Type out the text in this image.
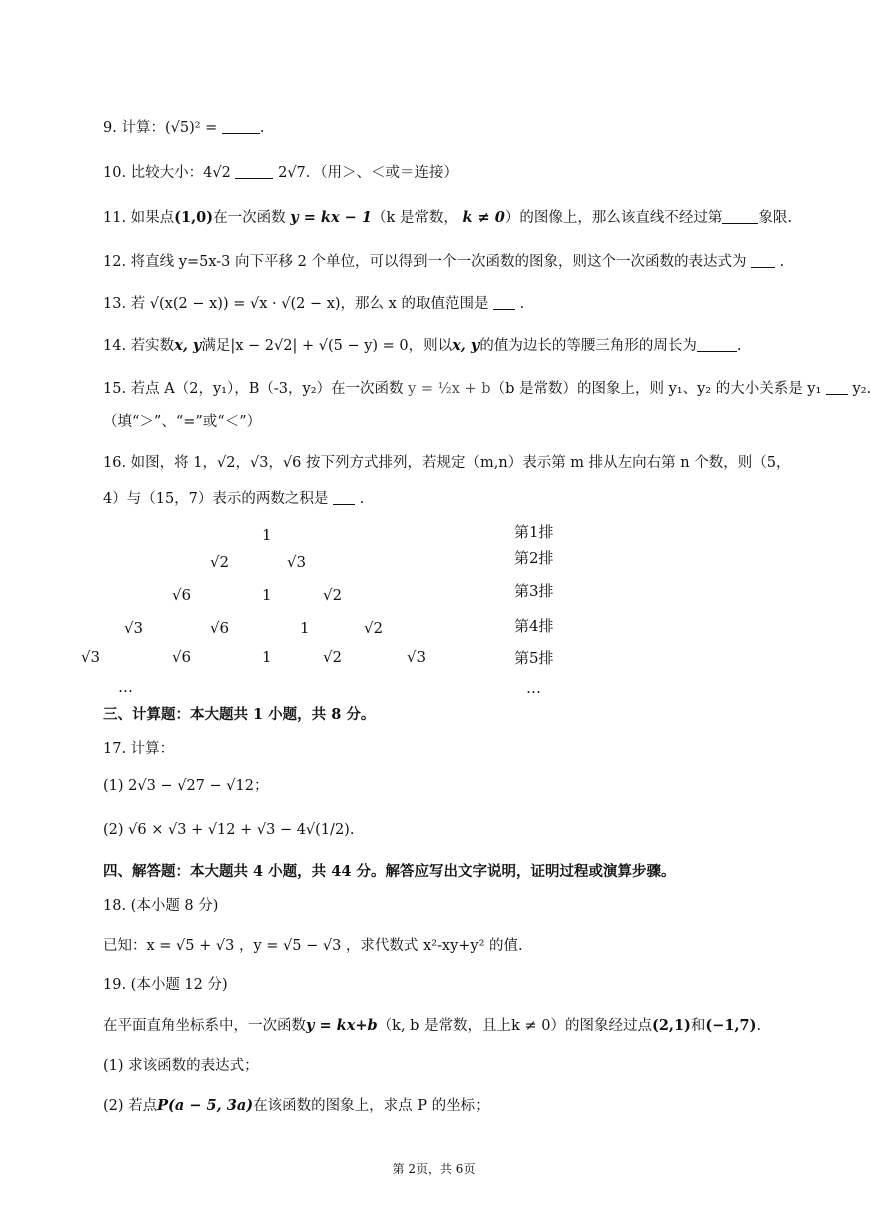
9. 计算：(√5)² =	.
10. 比较大小：4√2	2√7．（用＞、＜或＝连接）
11. 如果点(1,0)在一次函数 y = kx − 1（k 是常数， k ≠ 0）的图像上，那么该直线不经过第 象限.
12. 将直线 y=5x-3 向下平移 2 个单位，可以得到一个一次函数的图象，则这个一次函数的表达式为 .
13. 若 √(x(2 − x)) = √x · √(2 − x)，那么 x 的取值范围是 .
14. 若实数x, y满足|x − 2√2| + √(5 − y) = 0，则以x, y的值为边长的等腰三角形的周长为	.
15. 若点 A（2，y₁），B（-3，y₂）在一次函数 y = ½x + b（b 是常数）的图象上，则 y₁、y₂ 的大小关系是 y₁ y₂.
（填“＞”、“=”或“＜”）
16. 如图，将 1，√2，√3，√6 按下列方式排列，若规定（m,n）表示第 m 排从左向右第 n 个数，则（5，
4）与（15，7）表示的两数之积是 .
1
√2	√3
√6	1	√2
√3	√6	1	√2
√3	√6	1	√2	√3
…
第1排
第2排
第3排
第4排
第5排
…
三、计算题：本大题共 1 小题，共 8 分。
17. 计算：
(1) 2√3 − √27 − √12；
(2) √6 × √3 + √12 + √3 − 4√(1/2).
四、解答题：本大题共 4 小题，共 44 分。解答应写出文字说明，证明过程或演算步骤。
18. (本小题 8 分)
已知：x = √5 + √3 ，y = √5 − √3 ，求代数式 x²-xy+y² 的值.
19. (本小题 12 分)
在平面直角坐标系中，一次函数y = kx+b（k, b 是常数，且上k ≠ 0）的图象经过点(2,1)和(−1,7).
(1) 求该函数的表达式；
(2) 若点P(a − 5, 3a)在该函数的图象上，求点 P 的坐标；
第 2页，共 6页
